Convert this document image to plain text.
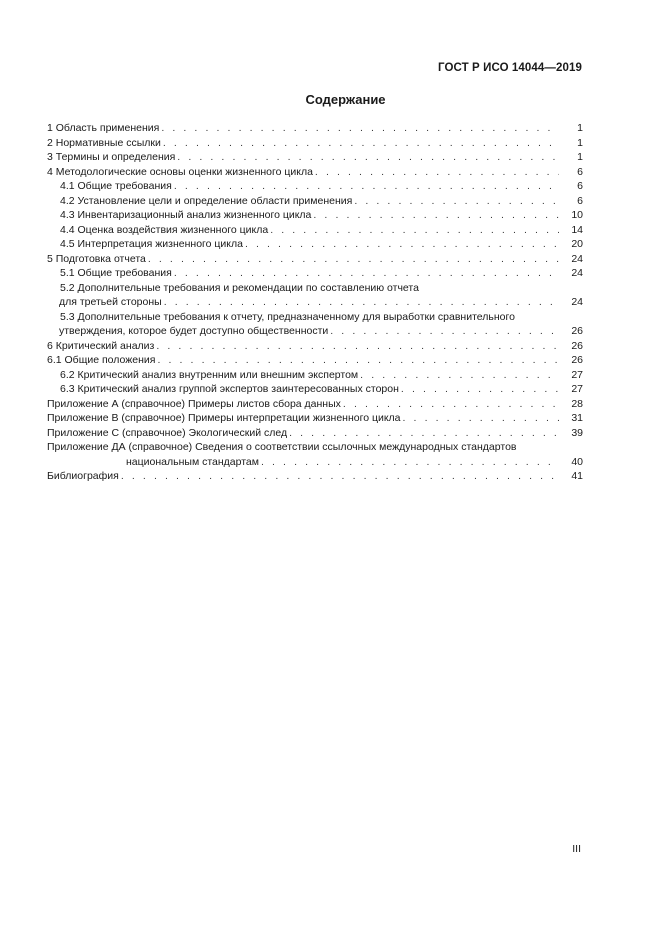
ГОСТ Р ИСО 14044—2019
Содержание
1 Область применения . . .	1
2 Нормативные ссылки . . .	1
3 Термины и определения . . .	1
4 Методологические основы оценки жизненного цикла . . .	6
4.1 Общие требования . . .	6
4.2 Установление цели и определение области применения . . .	6
4.3 Инвентаризационный анализ жизненного цикла . . .	10
4.4 Оценка воздействия жизненного цикла . . .	14
4.5 Интерпретация жизненного цикла . . .	20
5 Подготовка отчета . . .	24
5.1 Общие требования . . .	24
5.2 Дополнительные требования и рекомендации по составлению отчета
для третьей стороны . . .	24
5.3 Дополнительные требования к отчету, предназначенному для выработки сравнительного
утверждения, которое будет доступно общественности . . .	26
6 Критический анализ . . .	26
6.1 Общие положения . . .	26
6.2 Критический анализ внутренним или внешним экспертом . . .	27
6.3 Критический анализ группой экспертов заинтересованных сторон . . .	27
Приложение А (справочное) Примеры листов сбора данных . . .	28
Приложение В (справочное) Примеры интерпретации жизненного цикла . . .	31
Приложение С (справочное) Экологический след . . .	39
Приложение ДА (справочное) Сведения о соответствии ссылочных международных стандартов
национальным стандартам . . .	40
Библиография . . .	41
III
